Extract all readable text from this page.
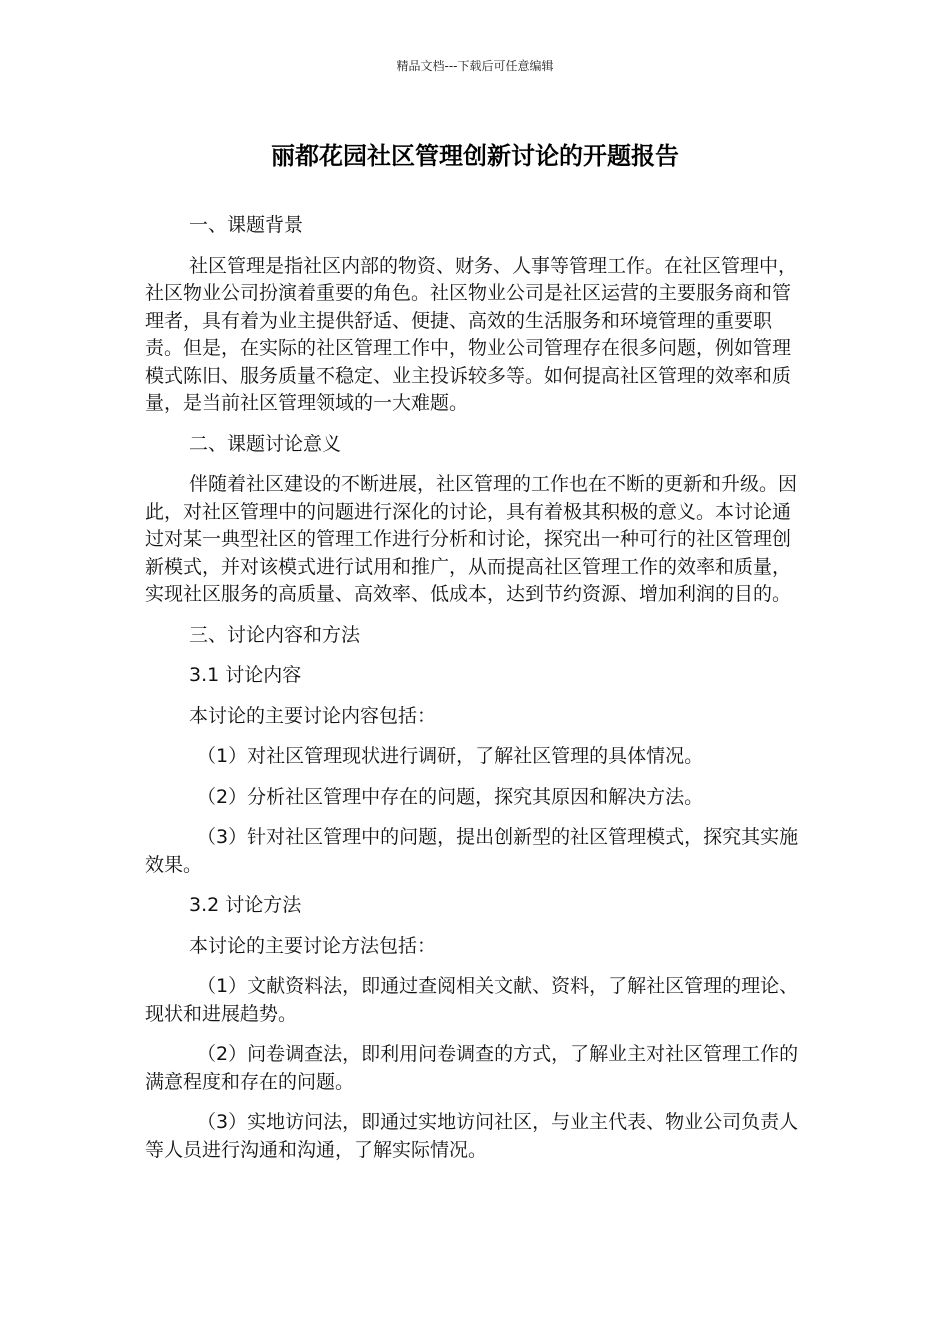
精品文档---下载后可任意编辑
丽都花园社区管理创新讨论的开题报告

一、课题背景

社区管理是指社区内部的物资、财务、人事等管理工作。在社区管理中，社区物业公司扮演着重要的角色。社区物业公司是社区运营的主要服务商和管理者，具有着为业主提供舒适、便捷、高效的生活服务和环境管理的重要职责。但是，在实际的社区管理工作中，物业公司管理存在很多问题，例如管理模式陈旧、服务质量不稳定、业主投诉较多等。如何提高社区管理的效率和质量，是当前社区管理领域的一大难题。

二、课题讨论意义

伴随着社区建设的不断进展，社区管理的工作也在不断的更新和升级。因此，对社区管理中的问题进行深化的讨论，具有着极其积极的意义。本讨论通过对某一典型社区的管理工作进行分析和讨论，探究出一种可行的社区管理创新模式，并对该模式进行试用和推广，从而提高社区管理工作的效率和质量，实现社区服务的高质量、高效率、低成本，达到节约资源、增加利润的目的。

三、讨论内容和方法

3.1 讨论内容

本讨论的主要讨论内容包括：

（1）对社区管理现状进行调研，了解社区管理的具体情况。

（2）分析社区管理中存在的问题，探究其原因和解决方法。

（3）针对社区管理中的问题，提出创新型的社区管理模式，探究其实施效果。

3.2 讨论方法

本讨论的主要讨论方法包括：

（1）文献资料法，即通过查阅相关文献、资料，了解社区管理的理论、现状和进展趋势。

（2）问卷调查法，即利用问卷调查的方式，了解业主对社区管理工作的满意程度和存在的问题。

（3）实地访问法，即通过实地访问社区，与业主代表、物业公司负责人等人员进行沟通和沟通，了解实际情况。
